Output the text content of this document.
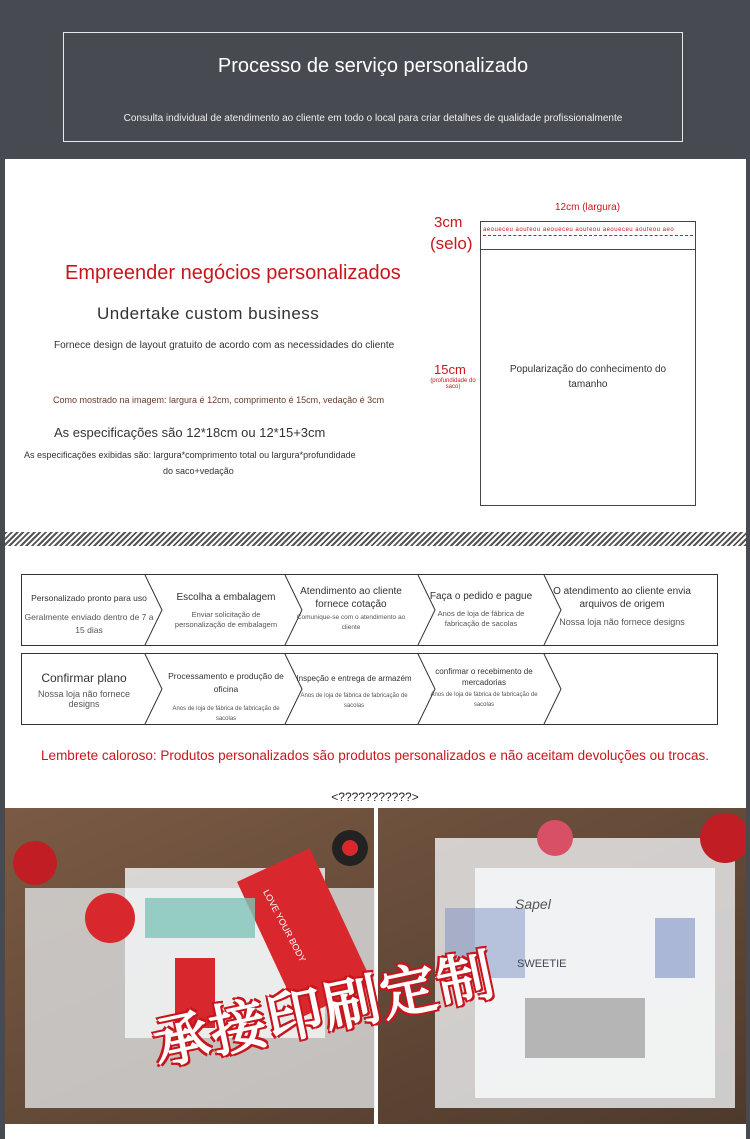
Processo de serviço personalizado
Consulta individual de atendimento ao cliente em todo o local para criar detalhes de qualidade profissionalmente
Empreender negócios personalizados
Undertake custom business
Fornece design de layout gratuito de acordo com as necessidades do cliente
Como mostrado na imagem: largura é 12cm, comprimento é 15cm, vedação é 3cm
As especificações são 12*18cm ou 12*15+3cm
As especificações exibidas são: largura*comprimento total ou largura*profundidade
do saco+vedação
12cm (largura)
3cm
(selo)
15cm
(profundidade do
saco)
aeoueceu aoufeou aeoueceu aoufeou aeoueceu aoufeou aeo
Popularização do conhecimento do
tamanho
Personalizado pronto para uso
Geralmente enviado dentro de 7 a 15 dias
Escolha a embalagem
Enviar solicitação de personalização de embalagem
Atendimento ao cliente fornece cotação
Comunique-se com o atendimento ao cliente
Faça o pedido e pague
Anos de loja de fábrica de fabricação de sacolas
O atendimento ao cliente envia arquivos de origem
Nossa loja não fornece designs
Confirmar plano
Nossa loja não fornece designs
Processamento e produção de oficina
Anos de loja de fábrica de fabricação de sacolas
Inspeção e entrega de armazém
Anos de loja de fábrica de fabricação de sacolas
confirmar o recebimento de mercadorias
Anos de loja de fábrica de fabricação de sacolas
Lembrete caloroso: Produtos personalizados são produtos personalizados e não aceitam devoluções ou trocas.
<???????????>
LOVE YOUR BODY	Sapel
SWEETIE
承接印刷定制
